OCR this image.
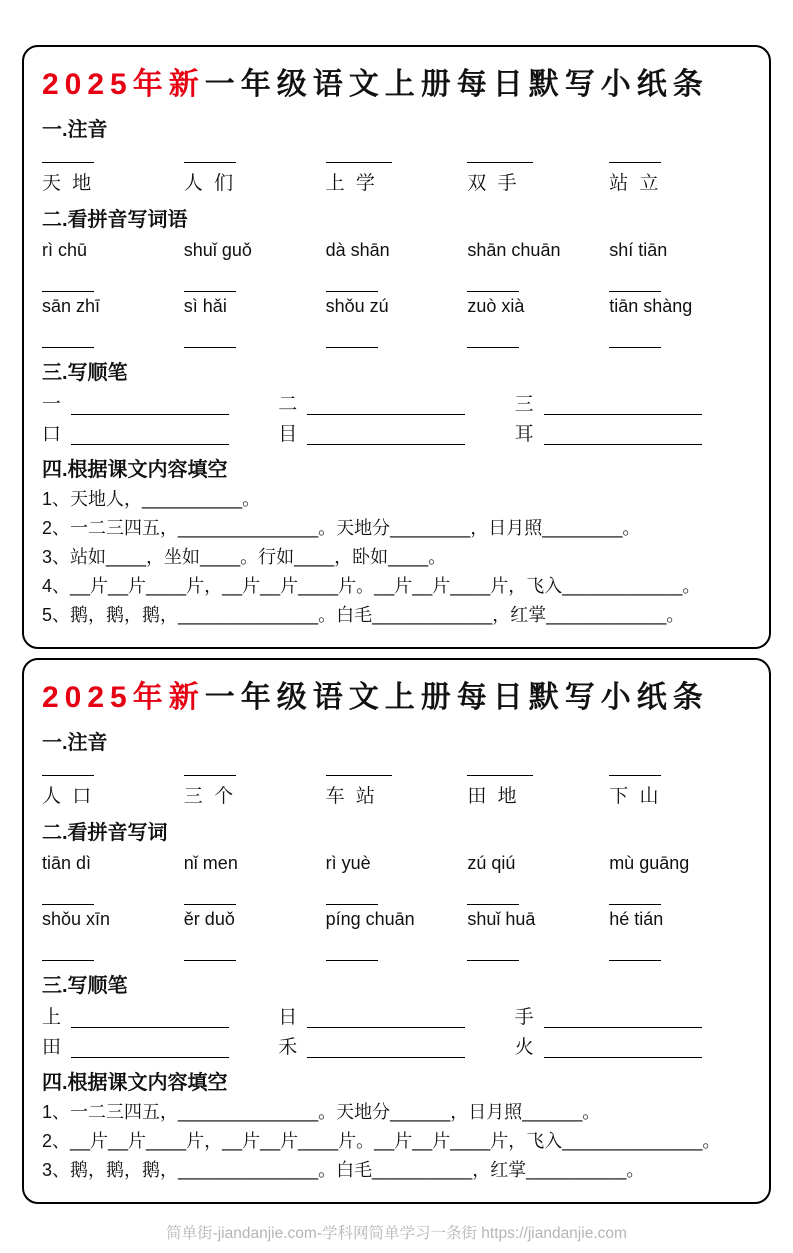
2025年新一年级语文上册每日默写小纸条
一.注音
天 地	人 们	上 学	双 手	站 立
二.看拼音写词语
rì chū	shuǐ guǒ	dà shān	shān chuān	shí tiān
sān zhī	sì hǎi	shǒu zú	zuò xià	tiān shàng
三.写顺笔
一	二	三
口	目	耳
四.根据课文内容填空
1、天地人，__________。
2、一二三四五，______________。天地分________，日月照________。
3、站如____，坐如____。行如____，卧如____。
4、__片__片____片，__片__片____片。__片__片____片，飞入____________。
5、鹅，鹅，鹅，______________。白毛____________，红掌____________。
2025年新一年级语文上册每日默写小纸条
一.注音
人 口	三 个	车 站	田 地	下 山
二.看拼音写词
tiān dì	nǐ men	rì yuè	zú qiú	mù guāng
shǒu xīn	ěr duǒ	píng chuān	shuǐ huā	hé tián
三.写顺笔
上	日	手
田	禾	火
四.根据课文内容填空
1、一二三四五，______________。天地分______，日月照______。
2、__片__片____片，__片__片____片。__片__片____片，飞入______________。
3、鹅，鹅，鹅，______________。白毛__________，红掌__________。
简单街-jiandanjie.com-学科网简单学习一条街 https://jiandanjie.com
